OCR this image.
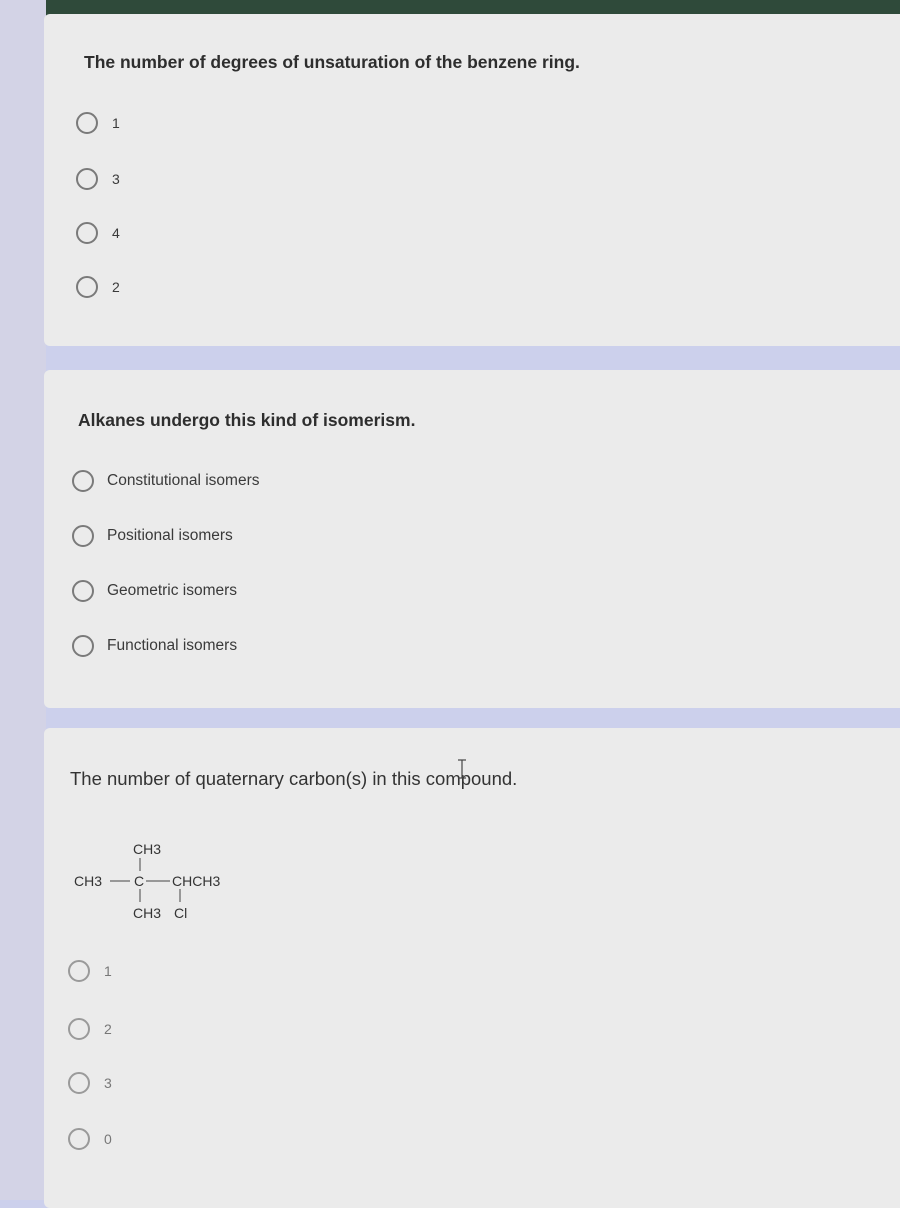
The number of degrees of unsaturation of the benzene ring.
1
3
4
2
Alkanes undergo this kind of isomerism.
Constitutional isomers
Positional isomers
Geometric isomers
Functional isomers
The number of quaternary carbon(s) in this compound.
CH3
CH3 C CHCH3
CH3 Cl
1
2
3
0
